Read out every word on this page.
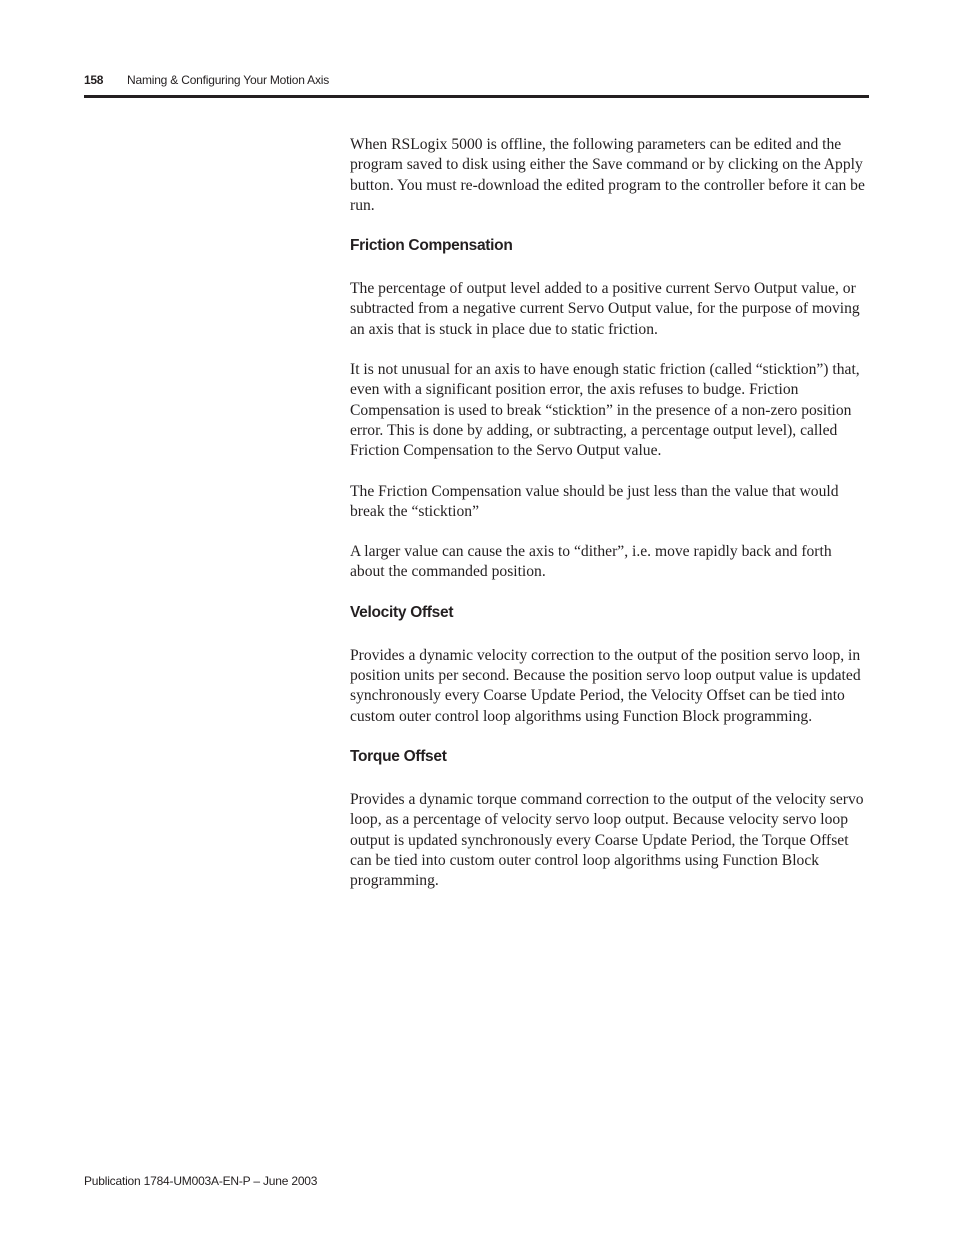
158 Naming & Configuring Your Motion Axis

When RSLogix 5000 is offline, the following parameters can be edited and the program saved to disk using either the Save command or by clicking on the Apply button. You must re-download the edited program to the controller before it can be run.

Friction Compensation

The percentage of output level added to a positive current Servo Output value, or subtracted from a negative current Servo Output value, for the purpose of moving an axis that is stuck in place due to static friction.

It is not unusual for an axis to have enough static friction (called “sticktion”) that, even with a significant position error, the axis refuses to budge. Friction Compensation is used to break “sticktion” in the presence of a non-zero position error. This is done by adding, or subtracting, a percentage output level), called Friction Compensation to the Servo Output value.

The Friction Compensation value should be just less than the value that would break the “sticktion”

A larger value can cause the axis to “dither”, i.e. move rapidly back and forth about the commanded position.

Velocity Offset

Provides a dynamic velocity correction to the output of the position servo loop, in position units per second. Because the position servo loop output value is updated synchronously every Coarse Update Period, the Velocity Offset can be tied into custom outer control loop algorithms using Function Block programming.

Torque Offset

Provides a dynamic torque command correction to the output of the velocity servo loop, as a percentage of velocity servo loop output. Because velocity servo loop output is updated synchronously every Coarse Update Period, the Torque Offset can be tied into custom outer control loop algorithms using Function Block programming.

Publication 1784-UM003A-EN-P – June 2003
